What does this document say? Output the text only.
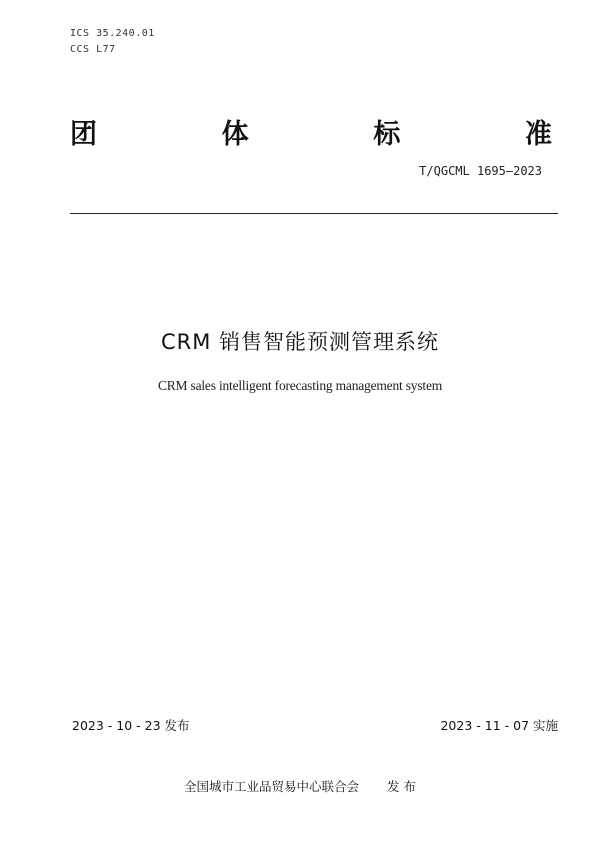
ICS 35.240.01
CCS L77
团	体	标	准
T/QGCML 1695—2023
CRM 销售智能预测管理系统
CRM sales intelligent forecasting management system
2023 - 10 - 23 发布	2023 - 11 - 07 实施
全国城市工业品贸易中心联合会 发 布
